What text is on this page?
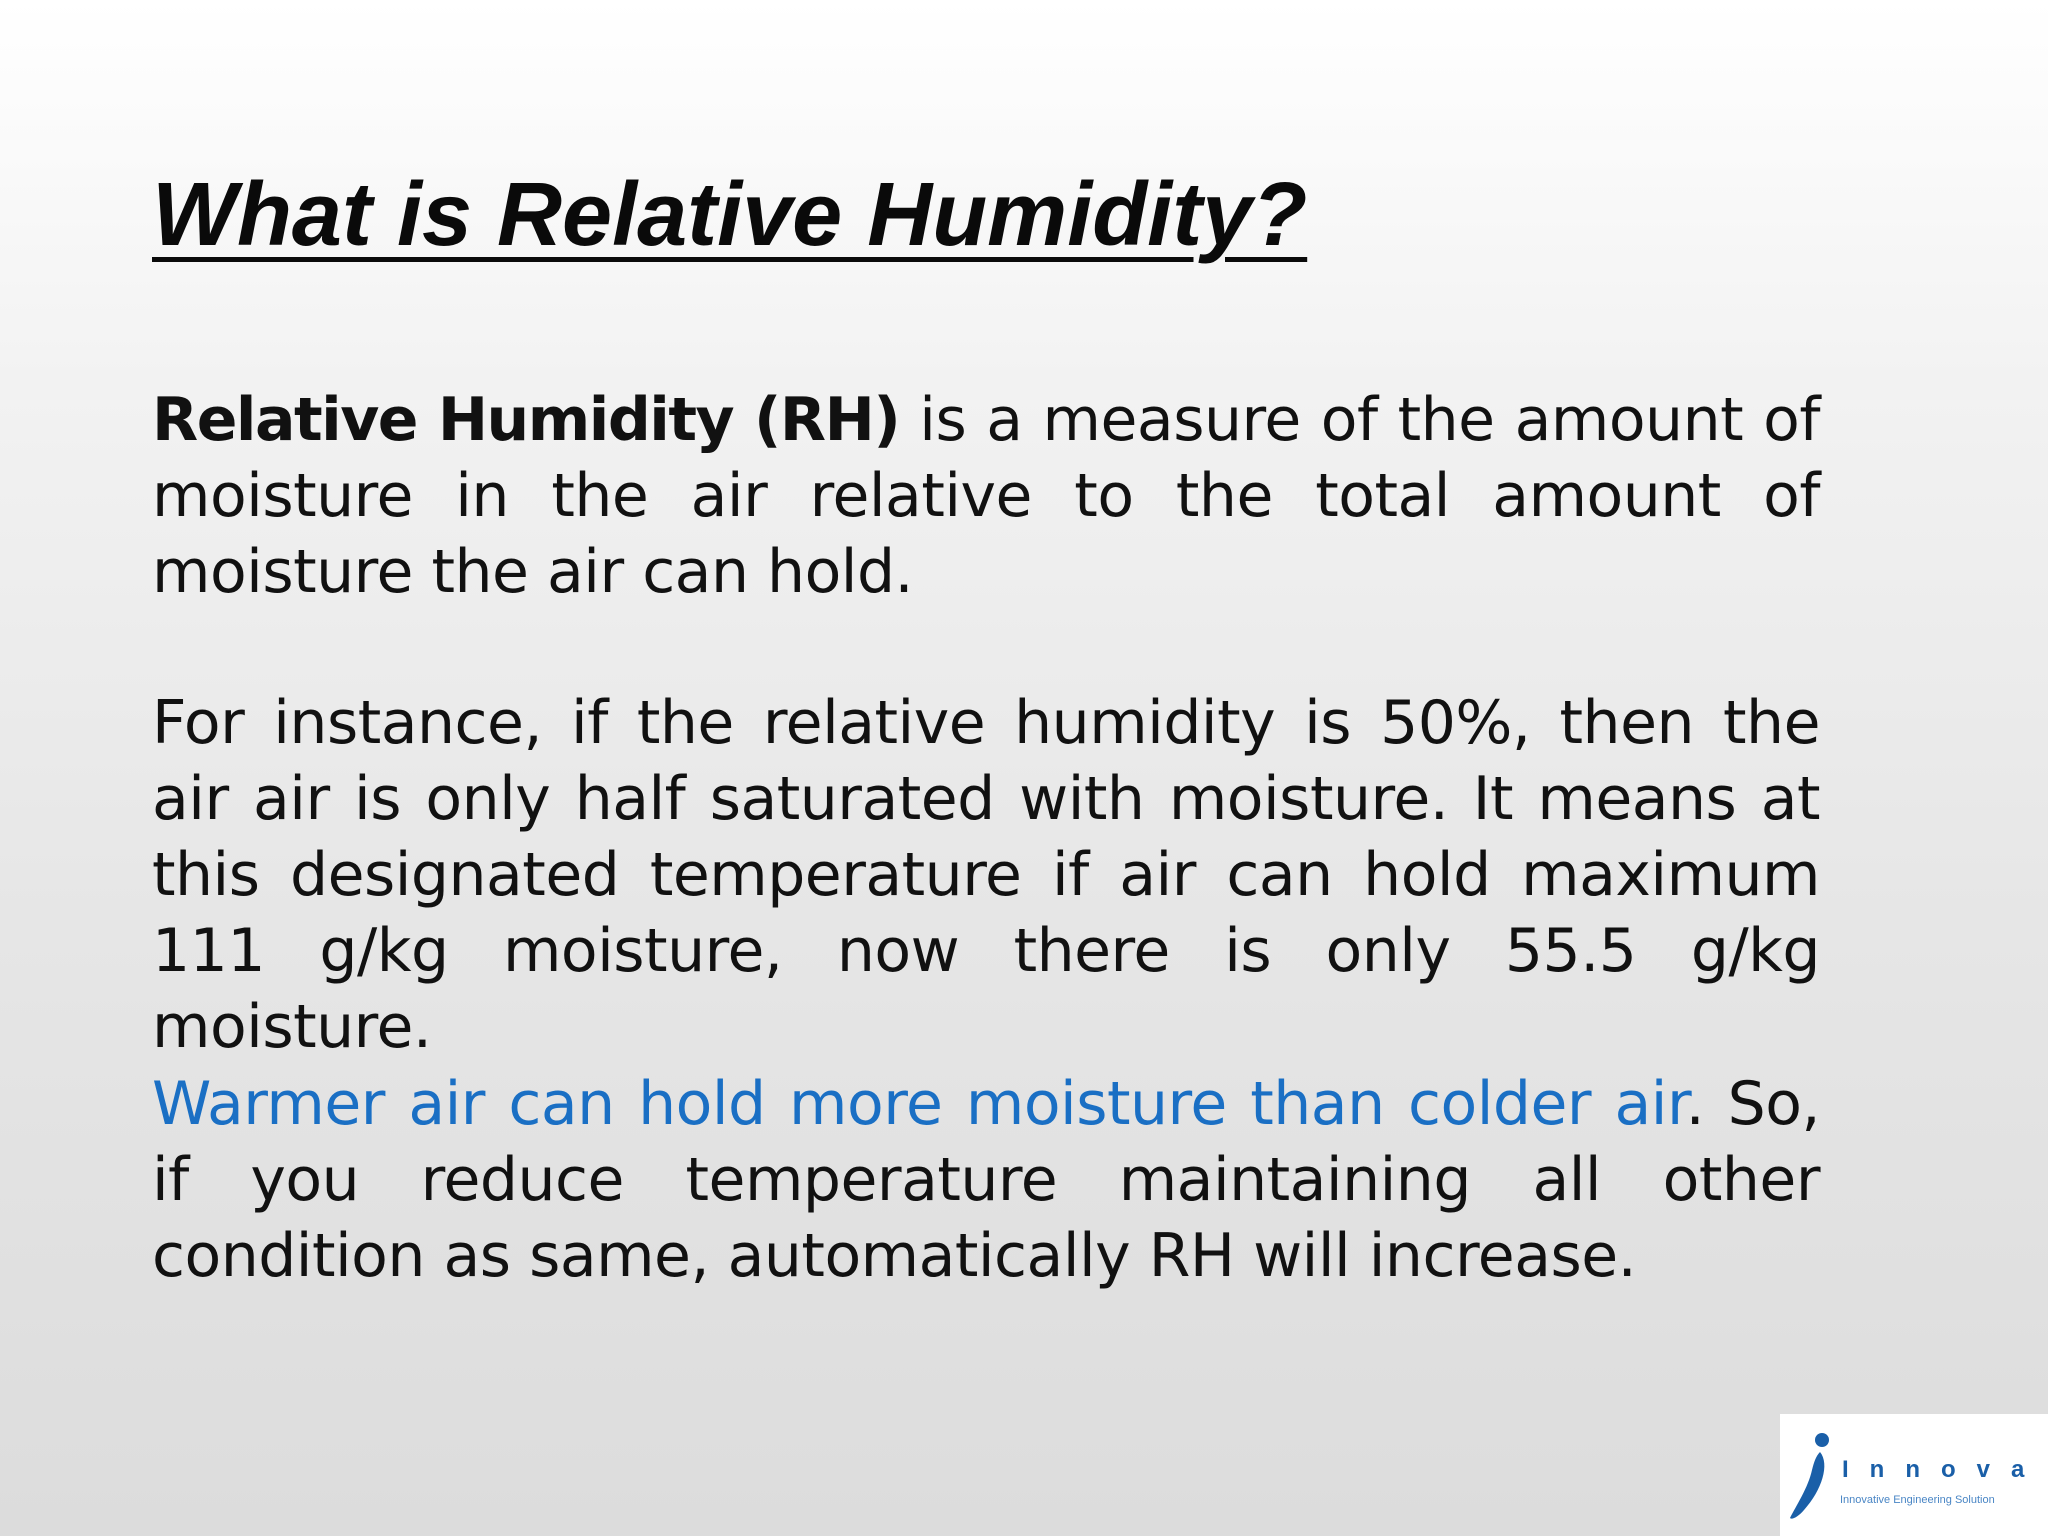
What is Relative Humidity?

Relative Humidity (RH) is a measure of the amount of moisture in the air relative to the total amount of moisture the air can hold.

For instance, if the relative humidity is 50%, then the air air is only half saturated with moisture. It means at this designated temperature if air can hold maximum 111 g/kg moisture, now there is only 55.5 g/kg moisture.

Warmer air can hold more moisture than colder air. So, if you reduce temperature maintaining all other condition as same, automatically RH will increase.

Innova
Innovative Engineering Solution
